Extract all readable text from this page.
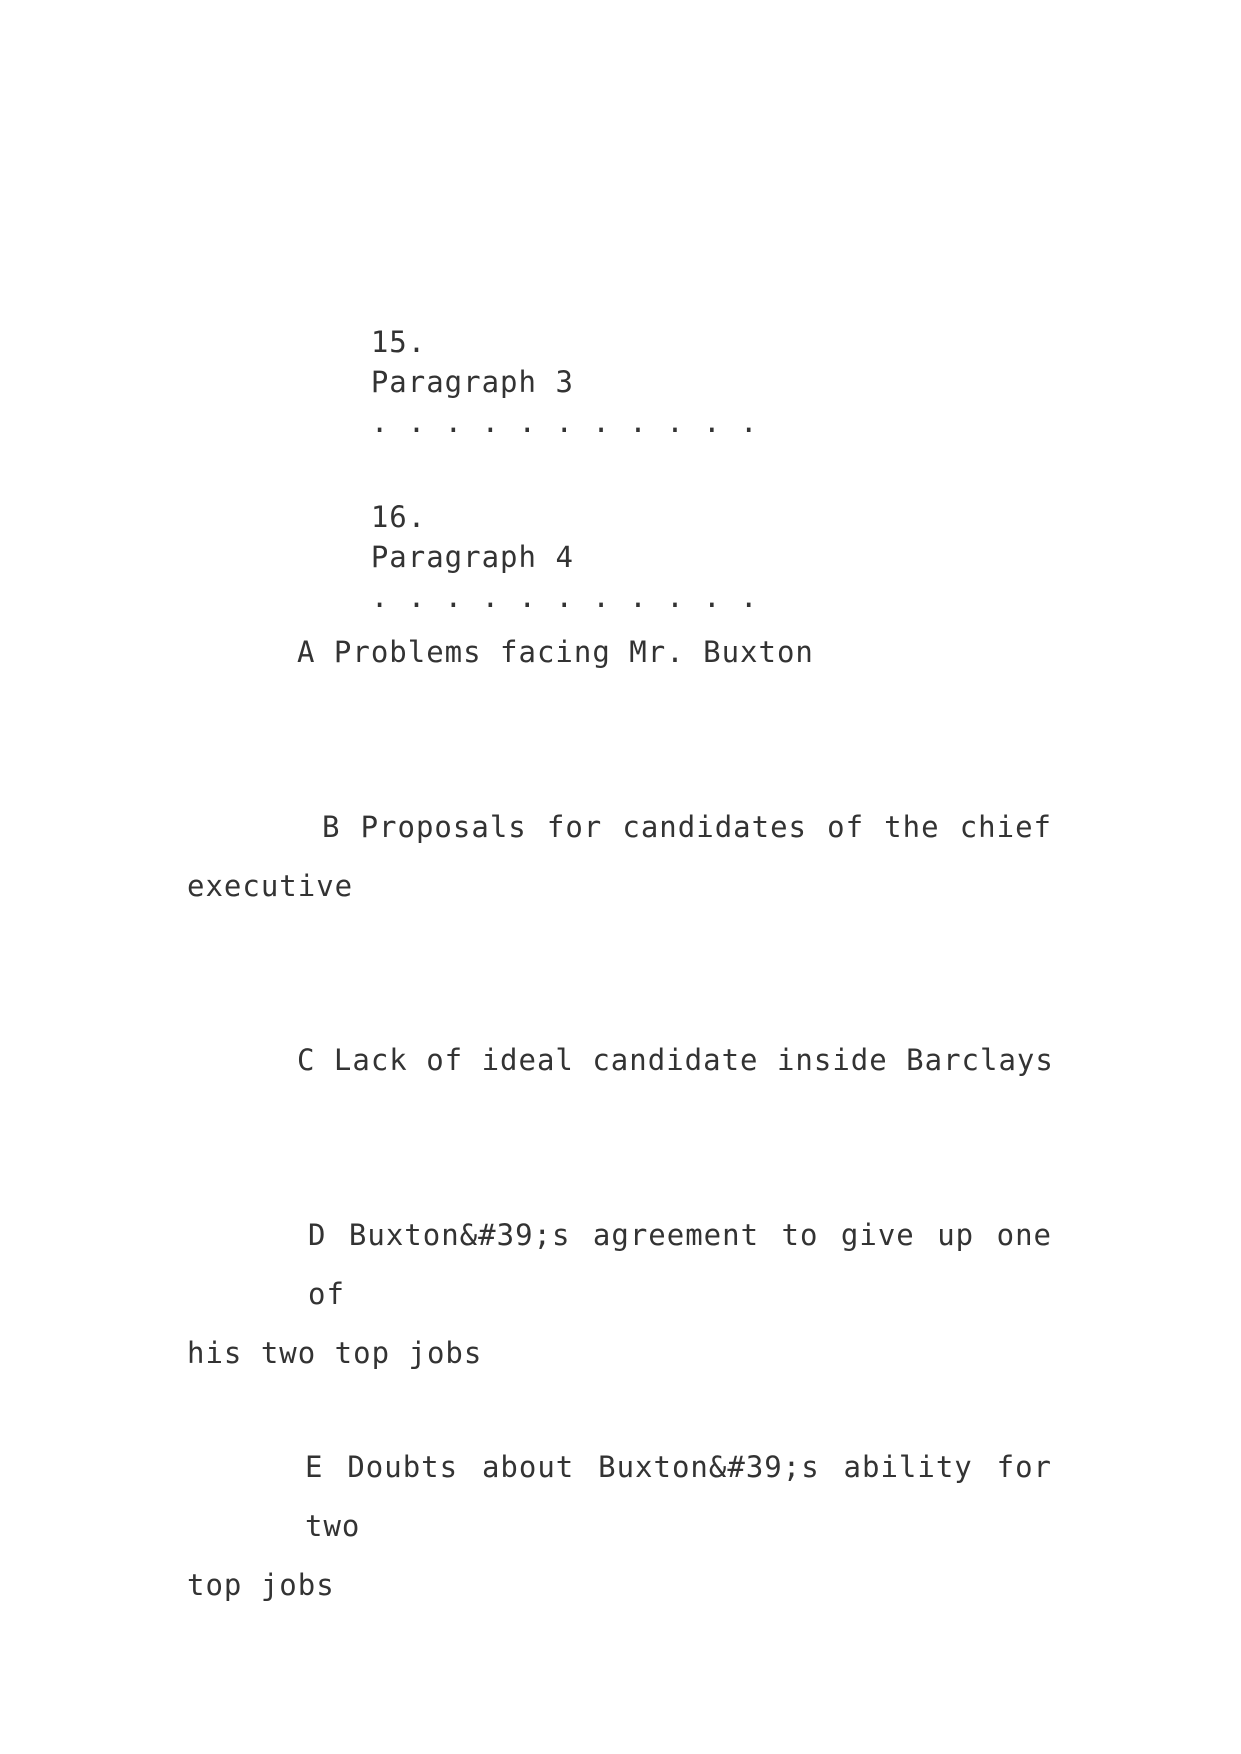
15.
Paragraph 3
. . . . . . . . . . .

16.
Paragraph 4
. . . . . . . . . . .

A Problems facing Mr. Buxton
B Proposals for candidates of the chief
executive
C Lack of ideal candidate inside Barclays
D Buxton&#39;s agreement to give up one of
his two top jobs
E Doubts about Buxton&#39;s ability for two
top jobs
